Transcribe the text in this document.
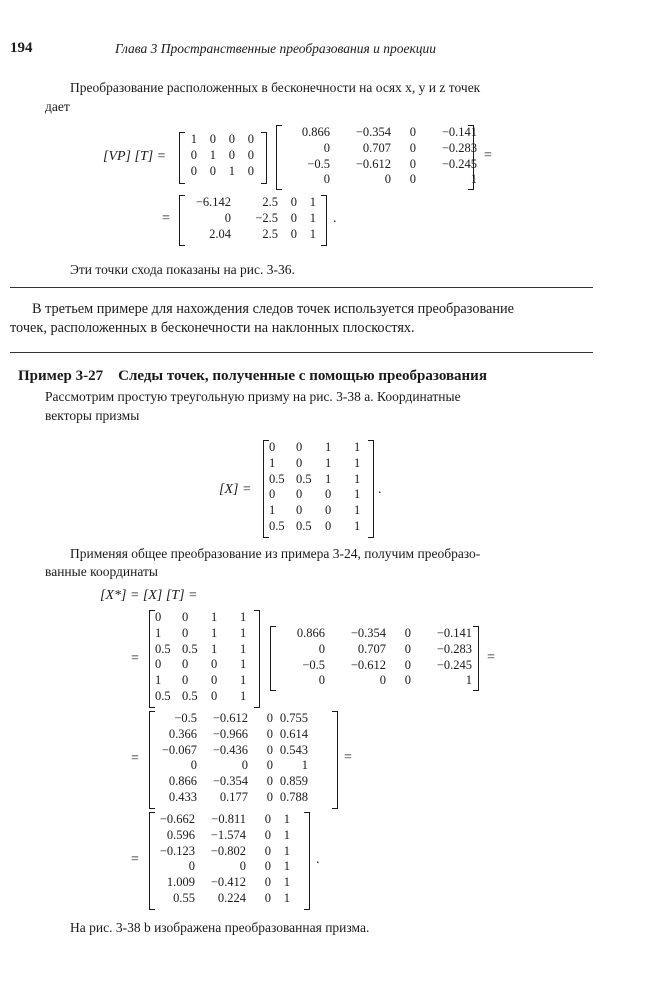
194	Глава 3 Пространственные преобразования и проекции
Преобразование расположенных в бесконечности на осях x, y и z точек
дает
[VP] [T] =
1	0	0	0
0	1	0	0
0	0	1	0
0.866	−0.354	0	−0.141
0	0.707	0	−0.283
−0.5	−0.612	0	−0.245
0	0	0	1
=
=
−6.142	2.5	0	1
0	−2.5	0	1
2.04	2.5	0	1
.
Эти точки схода показаны на рис. 3-36.
В третьем примере для нахождения следов точек используется преобразование
точек, расположенных в бесконечности на наклонных плоскостях.
Пример 3-27    Следы точек, полученные с помощью преобразования
Рассмотрим простую треугольную призму на рис. 3-38 a. Координатные
векторы призмы
[X] =
0	0	1	1
1	0	1	1
0.5	0.5	1	1
0	0	0	1
1	0	0	1
0.5	0.5	0	1
.
Применяя общее преобразование из примера 3-24, получим преобразо-
ванные координаты
[X*] = [X] [T] =
=
0	0	1	1
1	0	1	1
0.5	0.5	1	1
0	0	0	1
1	0	0	1
0.5	0.5	0	1
0.866	−0.354	0	−0.141
0	0.707	0	−0.283
−0.5	−0.612	0	−0.245
0	0	0	1
=
=
−0.5	−0.612	0	0.755
0.366	−0.966	0	0.614
−0.067	−0.436	0	0.543
0	0	0	1
0.866	−0.354	0	0.859
0.433	0.177	0	0.788
=
=
−0.662	−0.811	0	1
0.596	−1.574	0	1
−0.123	−0.802	0	1
0	0	0	1
1.009	−0.412	0	1
0.55	0.224	0	1
.
На рис. 3-38 b изображена преобразованная призма.
